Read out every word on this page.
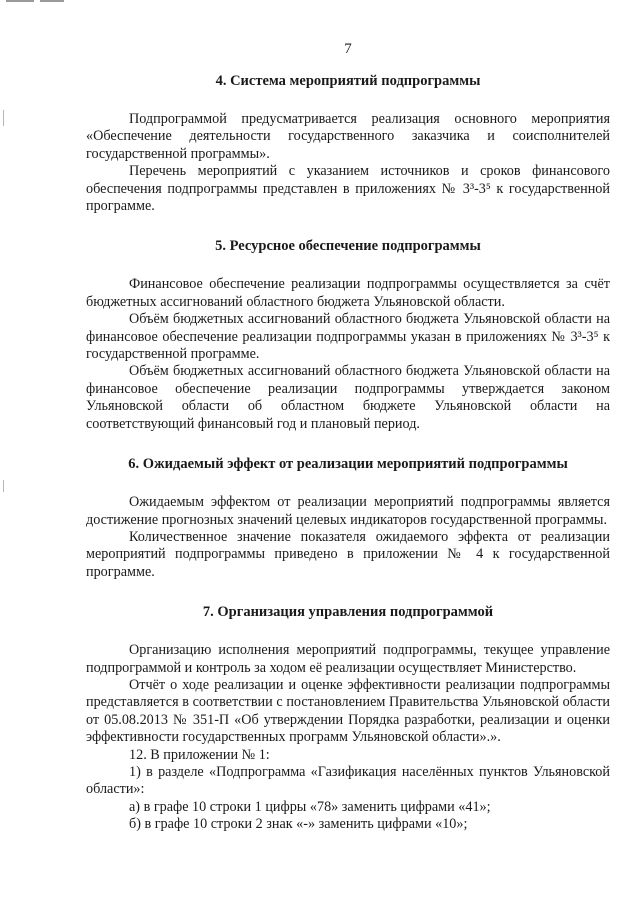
7
4. Система мероприятий подпрограммы

Подпрограммой предусматривается реализация основного мероприятия «Обеспечение деятельности государственного заказчика и соисполнителей государственной программы».

Перечень мероприятий с указанием источников и сроков финансового обеспечения подпрограммы представлен в приложениях № 3³-3⁵ к государственной программе.

5. Ресурсное обеспечение подпрограммы

Финансовое обеспечение реализации подпрограммы осуществляется за счёт бюджетных ассигнований областного бюджета Ульяновской области.

Объём бюджетных ассигнований областного бюджета Ульяновской области на финансовое обеспечение реализации подпрограммы указан в приложениях № 3³-3⁵ к государственной программе.

Объём бюджетных ассигнований областного бюджета Ульяновской области на финансовое обеспечение реализации подпрограммы утверждается законом Ульяновской области об областном бюджете Ульяновской области на соответствующий финансовый год и плановый период.

6. Ожидаемый эффект от реализации мероприятий подпрограммы

Ожидаемым эффектом от реализации мероприятий подпрограммы является достижение прогнозных значений целевых индикаторов государственной программы.

Количественное значение показателя ожидаемого эффекта от реализации мероприятий подпрограммы приведено в приложении № 4 к государственной программе.

7. Организация управления подпрограммой

Организацию исполнения мероприятий подпрограммы, текущее управление подпрограммой и контроль за ходом её реализации осуществляет Министерство.

Отчёт о ходе реализации и оценке эффективности реализации подпрограммы представляется в соответствии с постановлением Правительства Ульяновской области от 05.08.2013 № 351-П «Об утверждении Порядка разработки, реализации и оценки эффективности государственных программ Ульяновской области».».

12. В приложении № 1:

1) в разделе «Подпрограмма «Газификация населённых пунктов Ульяновской области»:

а) в графе 10 строки 1 цифры «78» заменить цифрами «41»;

б) в графе 10 строки 2 знак «-» заменить цифрами «10»;
